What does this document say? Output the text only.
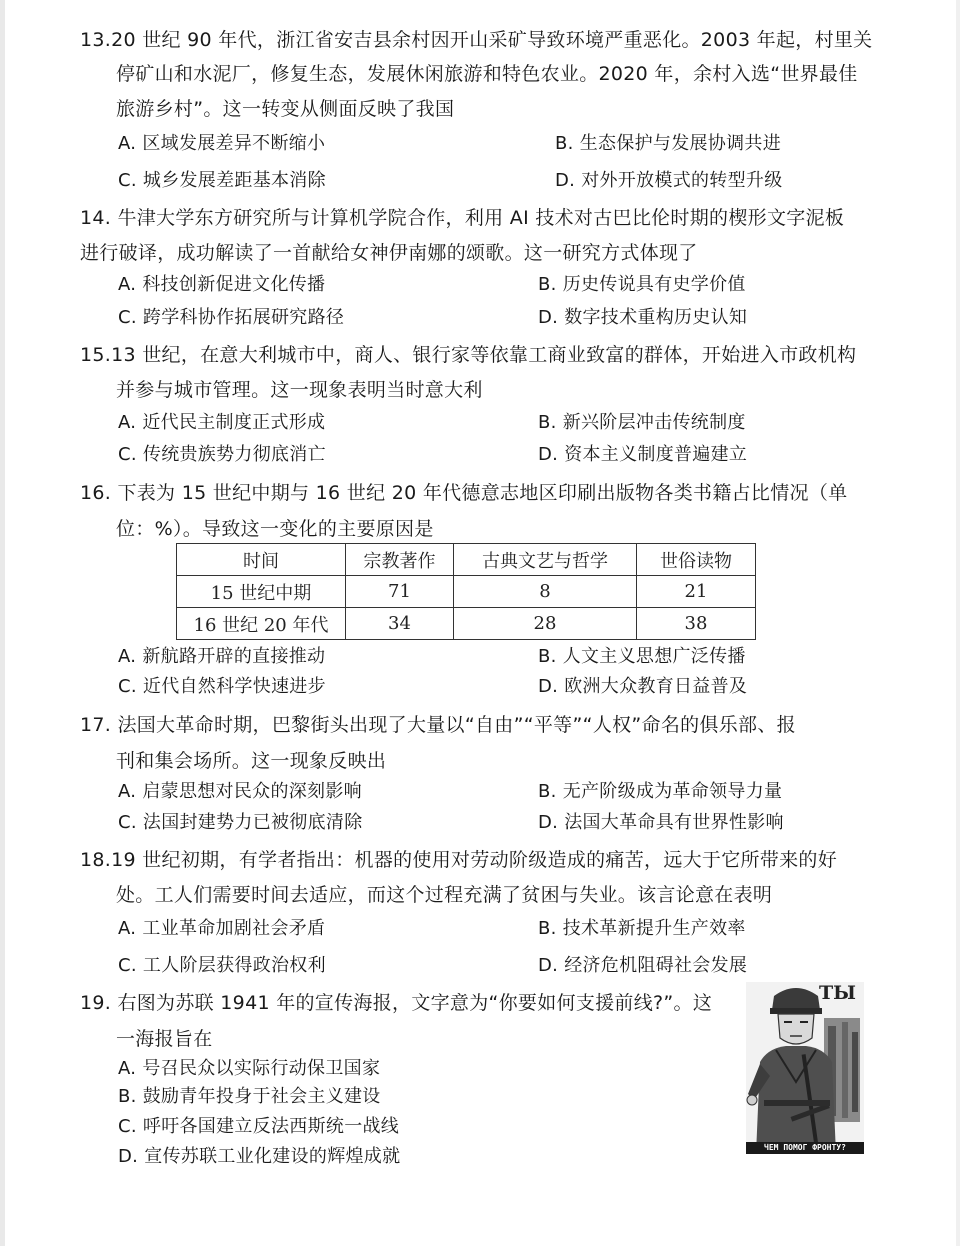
13.20 世纪 90 年代，浙江省安吉县余村因开山采矿导致环境严重恶化。2003 年起，村里关
停矿山和水泥厂，修复生态，发展休闲旅游和特色农业。2020 年，余村入选“世界最佳
旅游乡村”。这一转变从侧面反映了我国
A. 区域发展差异不断缩小	B. 生态保护与发展协调共进
C. 城乡发展差距基本消除	D. 对外开放模式的转型升级
14. 牛津大学东方研究所与计算机学院合作，利用 AI 技术对古巴比伦时期的楔形文字泥板
进行破译，成功解读了一首献给女神伊南娜的颂歌。这一研究方式体现了
A. 科技创新促进文化传播	B. 历史传说具有史学价值
C. 跨学科协作拓展研究路径	D. 数字技术重构历史认知
15.13 世纪，在意大利城市中，商人、银行家等依靠工商业致富的群体，开始进入市政机构
并参与城市管理。这一现象表明当时意大利
A. 近代民主制度正式形成	B. 新兴阶层冲击传统制度
C. 传统贵族势力彻底消亡	D. 资本主义制度普遍建立
16. 下表为 15 世纪中期与 16 世纪 20 年代德意志地区印刷出版物各类书籍占比情况（单
位：%）。导致这一变化的主要原因是
时间	宗教著作	古典文艺与哲学	世俗读物
15 世纪中期	71	8	21
16 世纪 20 年代	34	28	38
A. 新航路开辟的直接推动	B. 人文主义思想广泛传播
C. 近代自然科学快速进步	D. 欧洲大众教育日益普及
17. 法国大革命时期，巴黎街头出现了大量以“自由”“平等”“人权”命名的俱乐部、报
刊和集会场所。这一现象反映出
A. 启蒙思想对民众的深刻影响	B. 无产阶级成为革命领导力量
C. 法国封建势力已被彻底清除	D. 法国大革命具有世界性影响
18.19 世纪初期，有学者指出：机器的使用对劳动阶级造成的痛苦，远大于它所带来的好
处。工人们需要时间去适应，而这个过程充满了贫困与失业。该言论意在表明
A. 工业革命加剧社会矛盾	B. 技术革新提升生产效率
C. 工人阶层获得政治权利	D. 经济危机阻碍社会发展
19. 右图为苏联 1941 年的宣传海报，文字意为“你要如何支援前线?”。这
一海报旨在
A. 号召民众以实际行动保卫国家
B. 鼓励青年投身于社会主义建设
C. 呼吁各国建立反法西斯统一战线
D. 宣传苏联工业化建设的辉煌成就
ТЫ
ЧЕМ ПОМОГ ФРОНТУ?
